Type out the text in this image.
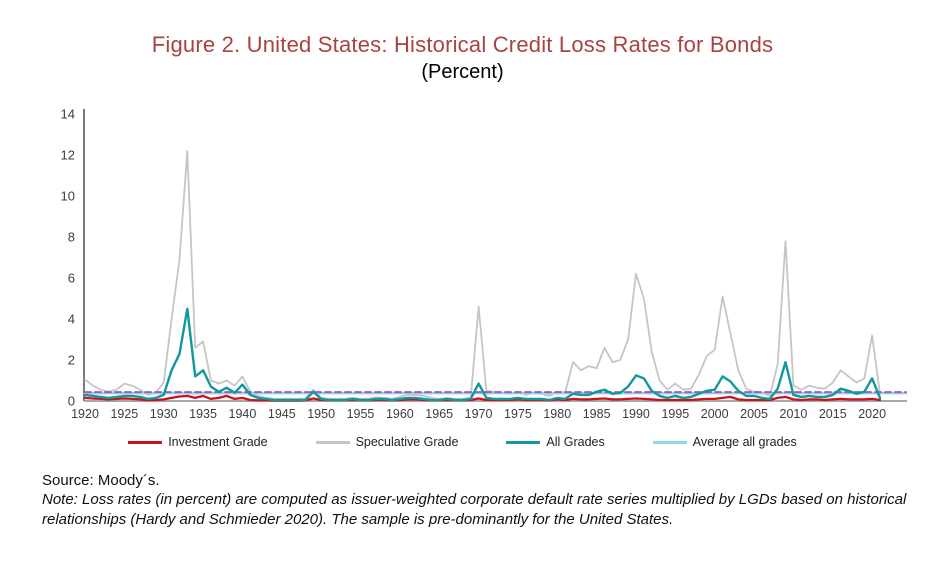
Figure 2. United States: Historical Credit Loss Rates for Bonds
(Percent)
0
2
4
6
8
10
12
14
1920 1925 1930 1935 1940 1945 1950 1955 1960 1965 1970 1975 1980 1985 1990 1995 2000 2005 2010 2015 2020
Investment Grade	Speculative Grade	All Grades	Average all grades
Source: Moody´s.
Note: Loss rates (in percent) are computed as issuer-weighted corporate default rate series multiplied by LGDs based on historical relationships (Hardy and Schmieder 2020). The sample is pre-dominantly for the United States.
